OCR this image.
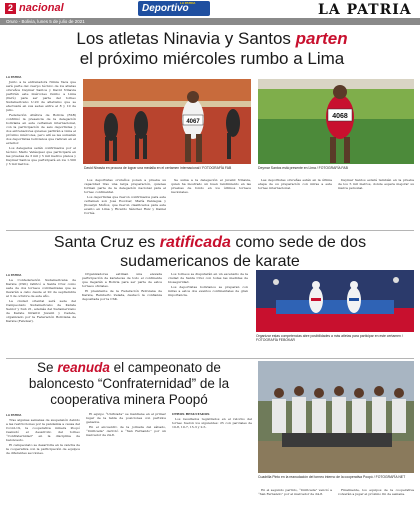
2 nacional	LA PATRIA
Deportivo	LA PATRIA
Oruro - Bolivia, lunes 5 de julio de 2021
Los atletas Ninavia y Santos parten
el próximo miércoles rumbo a Lima
LA PATRIA

Junto a la entrenadora Nimia Vaca que será parte del cuerpo técnico de los atletas orureños Deymar Santos y David Ninavia partirán este miércoles rumbo a Lima (Perú) para ser parte del torneo Sudamericano U-20 de atletismo que se efectuará en sus sedes entre el 8 y 10 de julio.

Federación Atlética de Bolivia (FAB) confirmó la presencia de la delegación boliviana en este certamen internacional, con la participación de seis deportistas y dos entrenadores quienes partirán a Lima el próximo miércoles, pero allí se les sumarán dos deportistas bolivianos que radican en el exterior.

Los delegados serán confirmados por el técnico Mario Velásquez que participará en las pruebas de 3 mil y 5 mil metros planos y Deymar Santos que participará en los 1.500 y 5 mil metros.

4067
4068
David Ninavia en procura de lograr una medalla en el certamen internacional / FOTOGRAFÍA FAB	Deymar Santos está presente en Lima / FOTOGRAFÍA FAB

Los deportistas orureños ponen a prueba su capacidad tras una larga preparación, quienes forman parte de la delegación nacional para el torneo continental.

Los deportistas que fueron confirmados para este certamen son José Escobar, María Paniagua y Jhoselyn Muñoz, que fueron clasificados para este evento en Lima y Ricardo Sánchez Ruiz y Daniel Cortés.

Se suma a la delegación el juvenil Ninavia, quien ha mostrado un buen rendimiento en las pruebas de fondo en los últimos torneos nacionales.

Las deportistas orureñas están en la última etapa de su preparación con miras a este torneo internacional.

Deymar Santos estará también en la prueba de los 5 mil metros, donde espera mejorar su marca personal.

Santa Cruz es ratificada como sede de dos sudamericanos de karate
LA PATRIA

La Confederación Sudamericana de Karate (CSK) ratificó a Santa Cruz como sede de dos torneos continentales que se llevarán a cabo desde el 20 de septiembre al 3 de octubre de este año.

La ciudad oriental será sede del Campeonato Sudamericano de Karate Senior y Sub 21, además del Sudamericano de Karate Infantil Juvenil y Cadete, organizado por la Federación Boliviana de Karate (Febokar).

Organizadores estiman una elevada participación de karatecas de todo el continente que llegarán a Bolivia para ser parte de estos torneos oficiales.

El presidente de la Federación Boliviana de Karate, Remberto Zelada, destacó la confianza depositada por la CSK.

Los torneos se disputarán en un escenario de la ciudad de Santa Cruz con todas las medidas de bioseguridad.

Los deportistas bolivianos se preparan con miras a estos dos eventos continentales de gran importancia.

Organizar estas competencias abre posibilidades a más atletas para participar en este certamen / FOTOGRAFÍA FEBOKAR
Se reanuda el campeonato de
baloncesto “Confraternidad” de la
cooperativa minera Poopó
LA PATRIA

Tras algunas semanas de suspensión debido a las restricciones por la pandemia a causa del Covid-19, la cooperativa minera Poopó reanudó el desarrollo del torneo “Confraternidad” en la disciplina de baloncesto.

El campeonato se desarrolla en la cancha de la cooperativa con la participación de equipos de diferentes secciones.

El equipo “Unificada” se mantiene en el primer lugar de la tabla de posiciones con partidos ganados.

En el encuentro de la jornada del sábado, “Unificada” derrotó a “San Fernando” por un marcador de 24-8.

OTROS RESULTADOS

Los resultados registrados en el retorno del torneo fueron los siguientes: 25 con parciales de 10-8, 10-7, 15-3 y 2-5.

Cuadrilla Pinto en la reanudación del torneo interno de la cooperativa Poopó / FOTOGRAFÍA NET

En el segundo partido, “Unificada” venció a “San Fernando” por el marcador de 24-8.

Finalmente, los equipos de la cooperativa volverán a jugar el próximo fin de semana.
